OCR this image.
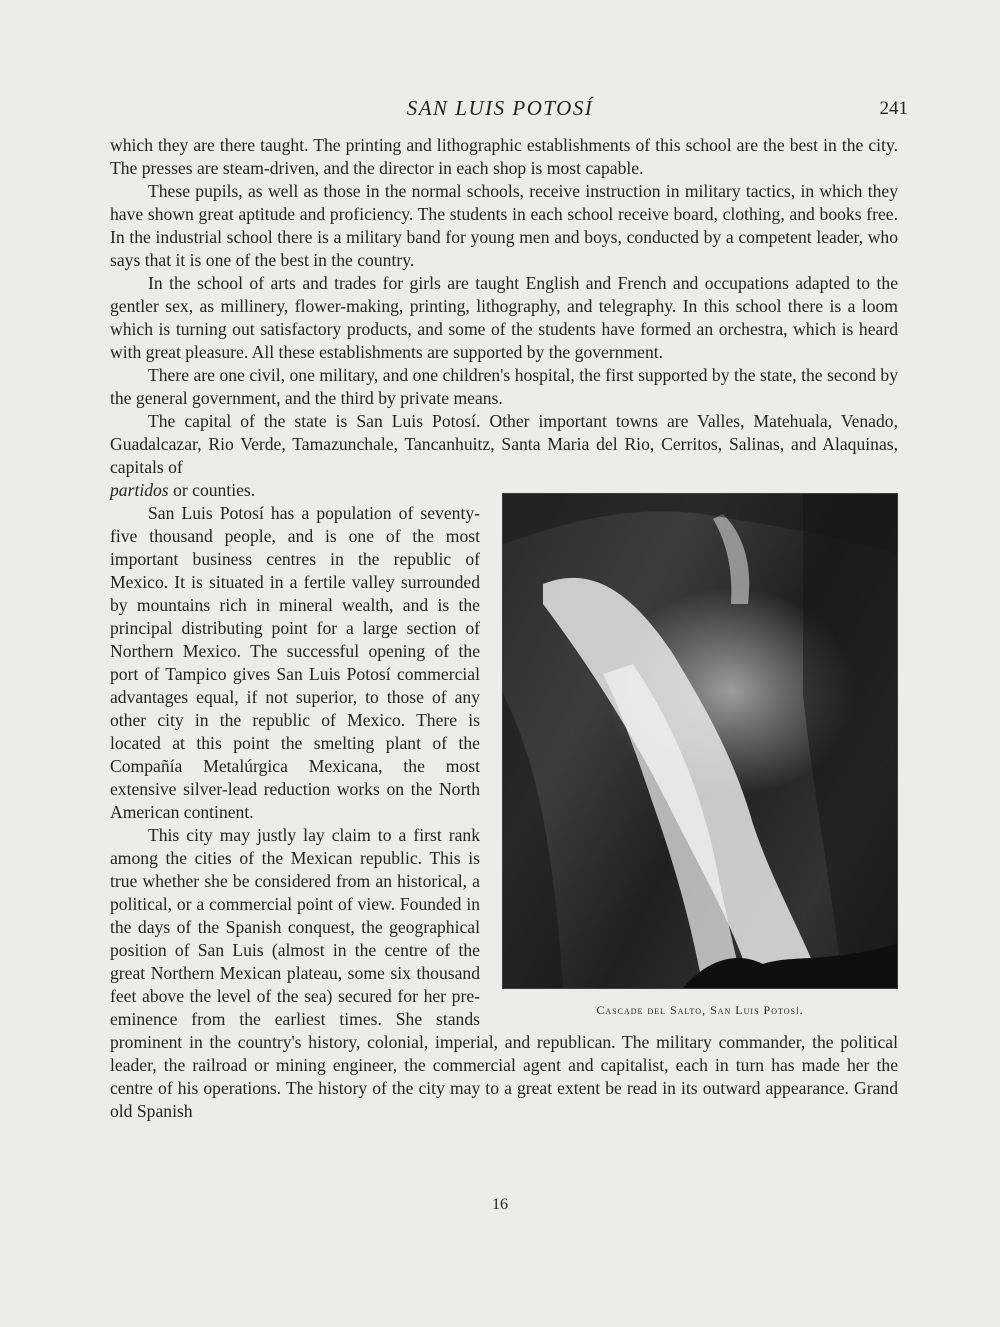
SAN LUIS POTOSÍ	241

which they are there taught. The printing and lithographic establishments of this school are the best in the city. The presses are steam-driven, and the director in each shop is most capable.

These pupils, as well as those in the normal schools, receive instruction in military tactics, in which they have shown great aptitude and proficiency. The students in each school receive board, clothing, and books free. In the industrial school there is a military band for young men and boys, conducted by a competent leader, who says that it is one of the best in the country.

In the school of arts and trades for girls are taught English and French and occupations adapted to the gentler sex, as millinery, flower-making, printing, lithography, and telegraphy. In this school there is a loom which is turning out satisfactory products, and some of the students have formed an orchestra, which is heard with great pleasure. All these establishments are supported by the government.

There are one civil, one military, and one children's hospital, the first supported by the state, the second by the general government, and the third by private means.

The capital of the state is San Luis Potosí. Other important towns are Valles, Matehuala, Venado, Guadalcazar, Rio Verde, Tamazunchale, Tancanhuitz, Santa Maria del Rio, Cerritos, Salinas, and Alaquinas, capitals of

Cascade del Salto, San Luis Potosí.

partidos or counties.

San Luis Potosí has a population of seventy-five thousand people, and is one of the most important business centres in the republic of Mexico. It is situated in a fertile valley surrounded by mountains rich in mineral wealth, and is the principal distributing point for a large section of Northern Mexico. The successful opening of the port of Tampico gives San Luis Potosí commercial advantages equal, if not superior, to those of any other city in the republic of Mexico. There is located at this point the smelting plant of the Compañía Metalúrgica Mexicana, the most extensive silver-lead reduction works on the North American continent.

This city may justly lay claim to a first rank among the cities of the Mexican republic. This is true whether she be considered from an historical, a political, or a commercial point of view. Founded in the days of the Spanish conquest, the geographical position of San Luis (almost in the centre of the great Northern Mexican plateau, some six thousand feet above the level of the sea) secured for her pre-eminence from the earliest times. She stands prominent in the country's history, colonial, imperial, and republican. The military commander, the political leader, the railroad or mining engineer, the commercial agent and capitalist, each in turn has made her the centre of his operations. The history of the city may to a great extent be read in its outward appearance. Grand old Spanish

16
